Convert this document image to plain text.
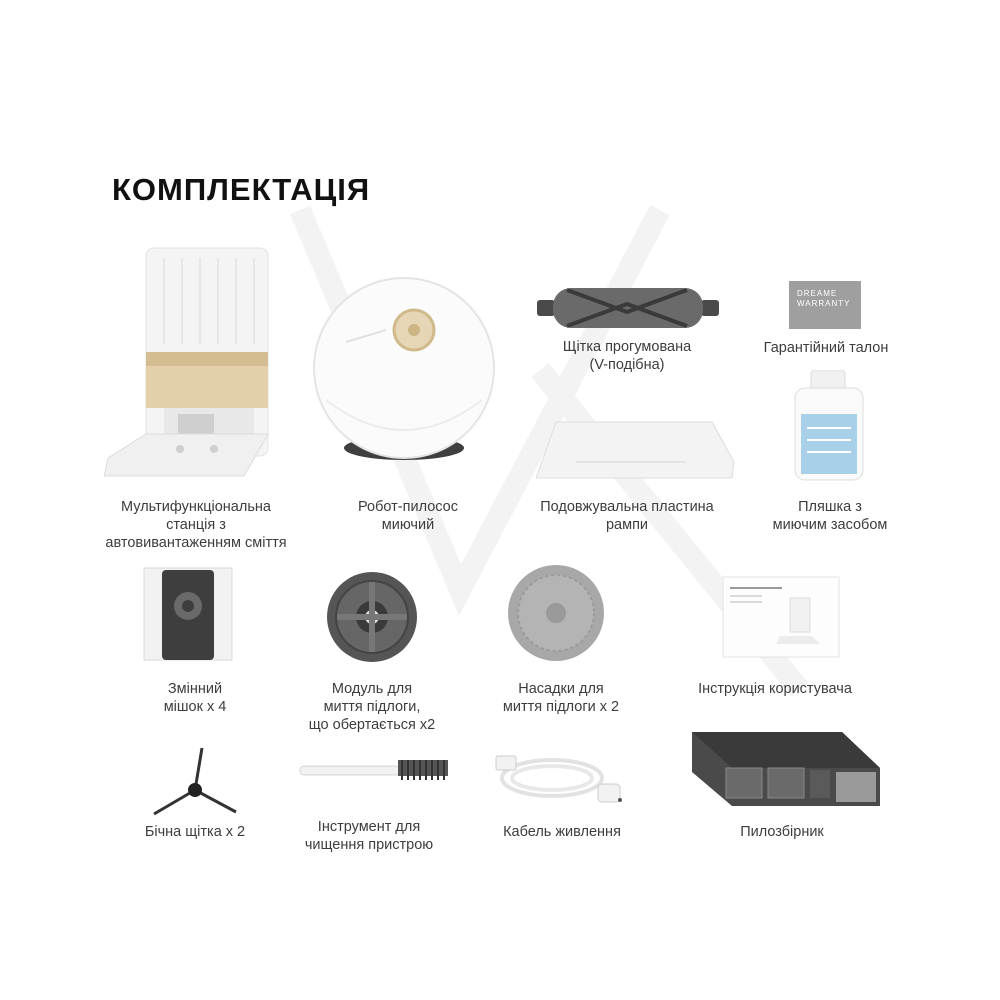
КОМПЛЕКТАЦІЯ
Мультифункціональна
станція з
автовивантаженням сміття
Робот-пилосос
миючий
Щітка прогумована
(V-подібна)
DREAME
WARRANTY
Гарантійний талон
Подовжувальна пластина
рампи
Пляшка з
миючим засобом
Змінний
мішок х 4
Модуль для
миття підлоги,
що обертається х2
Насадки для
миття підлоги х 2
Інструкція користувача
Бічна щітка х 2	Інструмент для
чищення пристрою
Кабель живлення	Пилозбірник
